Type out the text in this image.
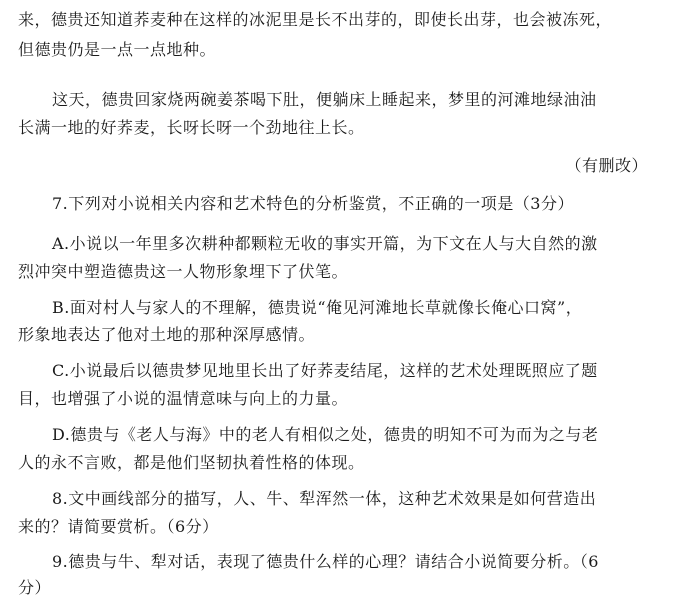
来，德贵还知道荞麦种在这样的冰泥里是长不出芽的，即使长出芽，也会被冻死，
但德贵仍是一点一点地种。
这天，德贵回家烧两碗姜茶喝下肚，便躺床上睡起来，梦里的河滩地绿油油
长满一地的好荞麦，长呀长呀一个劲地往上长。
（有删改）
7.下列对小说相关内容和艺术特色的分析鉴赏，不正确的一项是（3分）
A.小说以一年里多次耕种都颗粒无收的事实开篇，为下文在人与大自然的激
烈冲突中塑造德贵这一人物形象埋下了伏笔。
B.面对村人与家人的不理解，德贵说“俺见河滩地长草就像长俺心口窝”，
形象地表达了他对土地的那种深厚感情。
C.小说最后以德贵梦见地里长出了好荞麦结尾，这样的艺术处理既照应了题
目，也增强了小说的温情意味与向上的力量。
D.德贵与《老人与海》中的老人有相似之处，德贵的明知不可为而为之与老
人的永不言败，都是他们坚韧执着性格的体现。
8.文中画线部分的描写，人、牛、犁浑然一体，这种艺术效果是如何营造出
来的？请简要赏析。（6分）
9.德贵与牛、犁对话，表现了德贵什么样的心理？请结合小说简要分析。（6
分）
